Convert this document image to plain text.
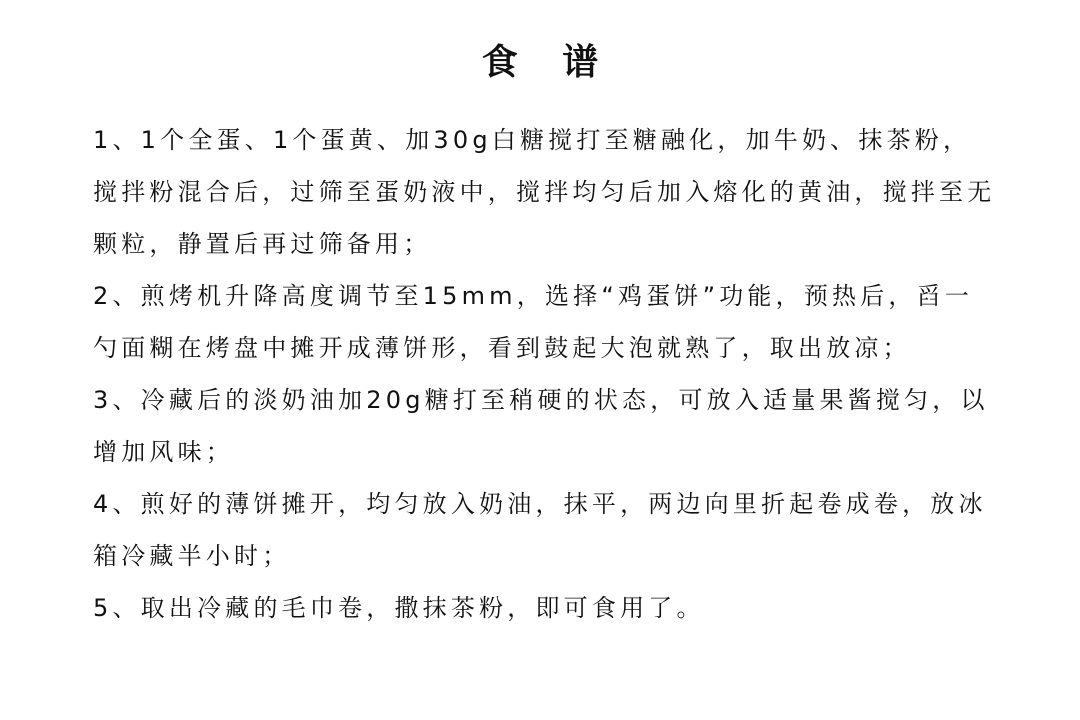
食 谱
1、1个全蛋、1个蛋黄、加30g白糖搅打至糖融化，加牛奶、抹茶粉，搅拌粉混合后，过筛至蛋奶液中，搅拌均匀后加入熔化的黄油，搅拌至无颗粒，静置后再过筛备用；
2、煎烤机升降高度调节至15mm，选择“鸡蛋饼”功能，预热后，舀一勺面糊在烤盘中摊开成薄饼形，看到鼓起大泡就熟了，取出放凉；
3、冷藏后的淡奶油加20g糖打至稍硬的状态，可放入适量果酱搅匀，以增加风味；
4、煎好的薄饼摊开，均匀放入奶油，抹平，两边向里折起卷成卷，放冰箱冷藏半小时；
5、取出冷藏的毛巾卷，撒抹茶粉，即可食用了。
